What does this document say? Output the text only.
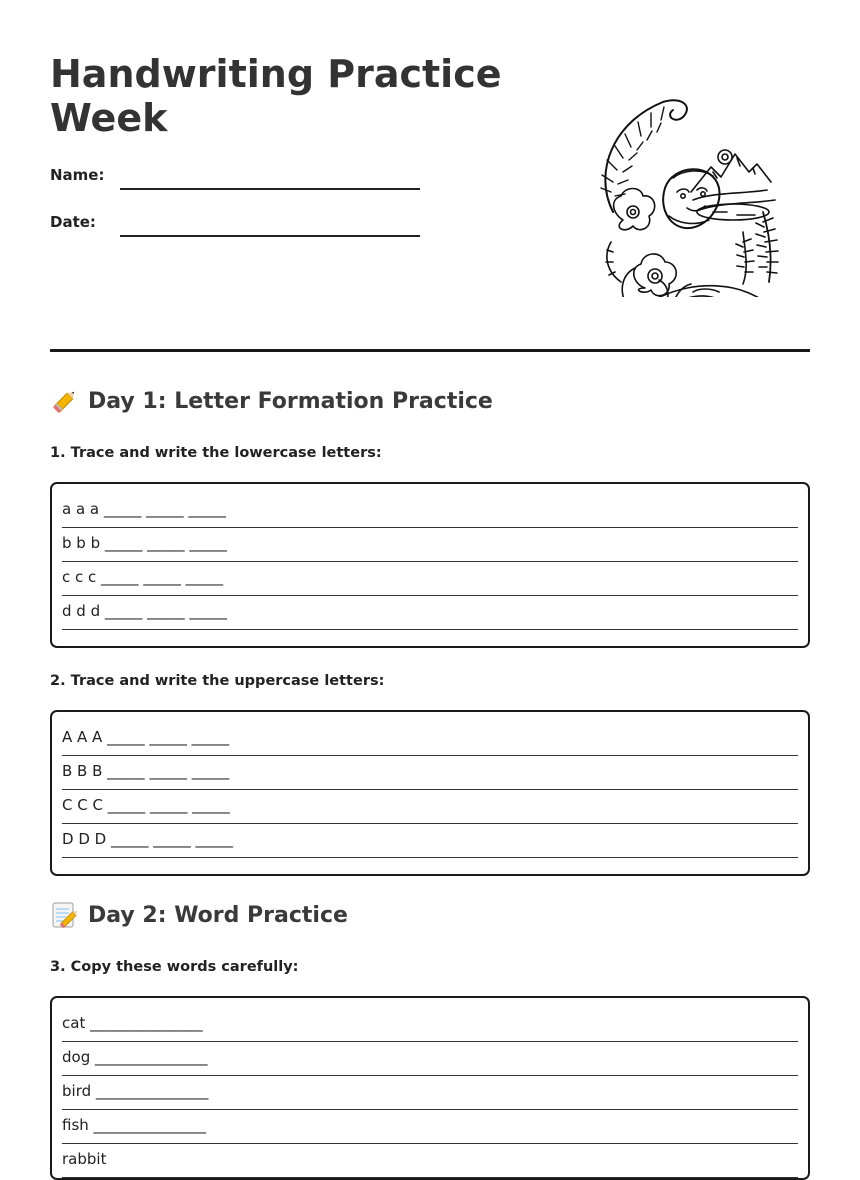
Handwriting Practice Week
Name:
Date:
Day 1: Letter Formation Practice

1. Trace and write the lowercase letters:

a a a _____ _____ _____
b b b _____ _____ _____
c c c _____ _____ _____
d d d _____ _____ _____

2. Trace and write the uppercase letters:

A A A _____ _____ _____
B B B _____ _____ _____
C C C _____ _____ _____
D D D _____ _____ _____
Day 2: Word Practice

3. Copy these words carefully:

cat _______________
dog _______________
bird _______________
fish _______________
rabbit
